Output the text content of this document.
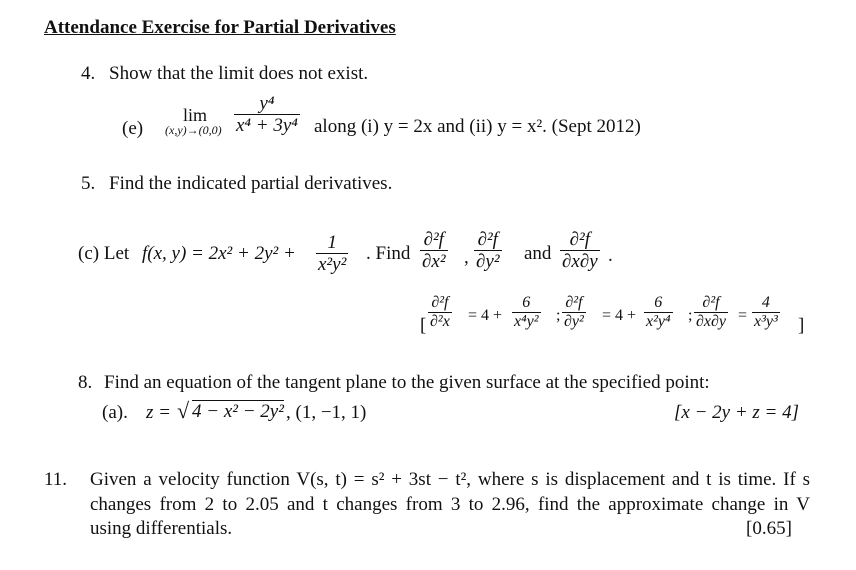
Attendance Exercise for Partial Derivatives
4. Show that the limit does not exist.
(e)
lim
$(x,y)\to(0,0) \frac{\text{y⁴}}{\text{x⁴ + 3y⁴}}$ along (i) y = 2x and (ii) y = x². (Sept 2012)
5. Find the indicated partial derivatives.
(c) Let f(x, $y) = 2x^2 + 2y^2 + \frac{1}{\text{x²y²}}$ . Find $\frac{\text{∂²f}}{\text{∂x²}}$ , $\frac{\text{∂²f}}{\text{∂y²}}$ and $\frac{\text{∂²f}}{\partial x\partial y}$ .
[ $\frac{\text{∂²f}}{\text{∂²x}} = 4 + \frac{6}{\text{x⁴y²}}$ ; $\frac{\text{∂²f}}{\text{∂y²}} = 4 + \frac{6}{\text{x²y⁴}}$ ; $\frac{\text{∂²f}}{\partial x\partial y} = \frac{4}{\text{x³y³}}$ ]
8. Find an equation of the tangent plane to the given surface at the specified point:
(a). z = √ 4 − x² − 2y² , (1, −1, 1)	[x − 2y + z = 4]
11. Given a velocity function V(s, t) = s² + 3st − t², where s is displacement and t is time. If s
changes from 2 to 2.05 and t changes from 3 to 2.96, find the approximate change in V
using differentials.	[0.65]
